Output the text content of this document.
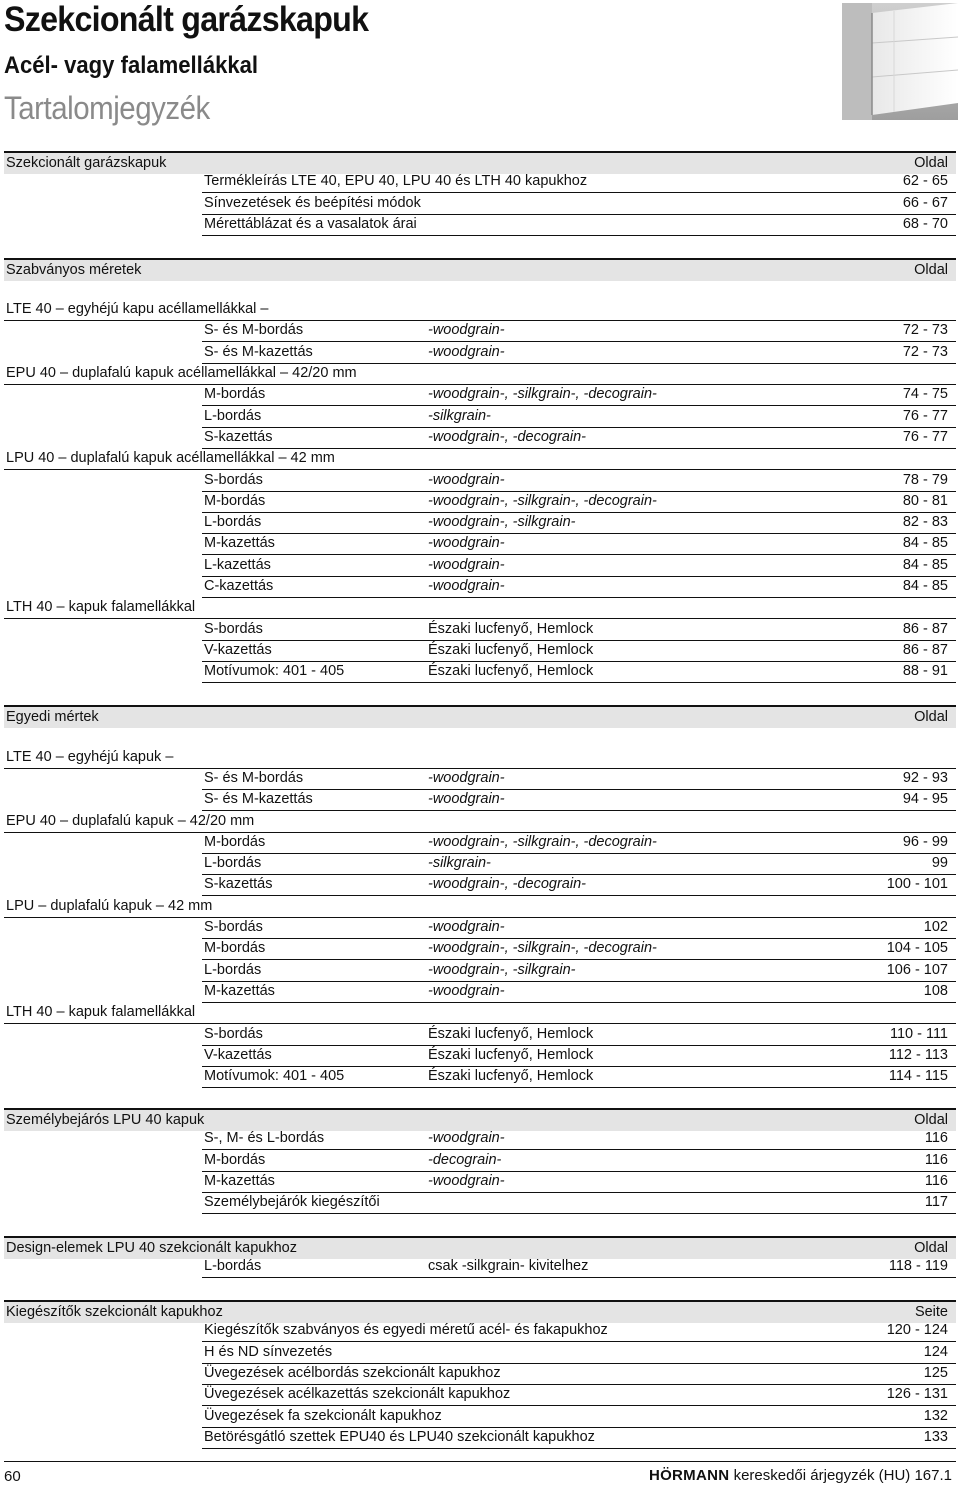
Szekcionált garázskapuk
Acél- vagy falamellákkal
Tartalomjegyzék
Szekcionált garázskapuk	Oldal
Termékleírás LTE 40, EPU 40, LPU 40 és LTH 40 kapukhoz	62 - 65
Sínvezetések és beépítési módok	66 - 67
Mérettáblázat és a vasalatok árai	68 - 70
Szabványos méretek	Oldal
LTE 40 – egyhéjú kapu acéllamellákkal –
S- és M-bordás	-woodgrain-	72 - 73
S- és M-kazettás	-woodgrain-	72 - 73
EPU 40 – duplafalú kapuk acéllamellákkal – 42/20 mm
M-bordás	-woodgrain-, -silkgrain-, -decograin-	74 - 75
L-bordás	-silkgrain-	76 - 77
S-kazettás	-woodgrain-, -decograin-	76 - 77
LPU 40 – duplafalú kapuk acéllamellákkal – 42 mm
S-bordás	-woodgrain-	78 - 79
M-bordás	-woodgrain-, -silkgrain-, -decograin-	80 - 81
L-bordás	-woodgrain-, -silkgrain-	82 - 83
M-kazettás	-woodgrain-	84 - 85
L-kazettás	-woodgrain-	84 - 85
C-kazettás	-woodgrain-	84 - 85
LTH 40 – kapuk falamellákkal
S-bordás	Északi lucfenyő, Hemlock	86 - 87
V-kazettás	Északi lucfenyő, Hemlock	86 - 87
Motívumok: 401 - 405	Északi lucfenyő, Hemlock	88 - 91
Egyedi mértek	Oldal
LTE 40 – egyhéjú kapuk –
S- és M-bordás	-woodgrain-	92 - 93
S- és M-kazettás	-woodgrain-	94 - 95
EPU 40 – duplafalú kapuk – 42/20 mm
M-bordás	-woodgrain-, -silkgrain-, -decograin-	96 - 99
L-bordás	-silkgrain-	99
S-kazettás	-woodgrain-, -decograin-	100 - 101
LPU – duplafalú kapuk – 42 mm
S-bordás	-woodgrain-	102
M-bordás	-woodgrain-, -silkgrain-, -decograin-	104 - 105
L-bordás	-woodgrain-, -silkgrain-	106 - 107
M-kazettás	-woodgrain-	108
LTH 40 – kapuk falamellákkal
S-bordás	Északi lucfenyő, Hemlock	110 - 111
V-kazettás	Északi lucfenyő, Hemlock	112 - 113
Motívumok: 401 - 405	Északi lucfenyő, Hemlock	114 - 115
Személybejárós LPU 40 kapuk	Oldal
S-, M- és L-bordás	-woodgrain-	116
M-bordás	-decograin-	116
M-kazettás	-woodgrain-	116
Személybejárók kiegészítői	117
Design-elemek LPU 40 szekcionált kapukhoz	Oldal
L-bordás	csak -silkgrain- kivitelhez	118 - 119
Kiegészítők szekcionált kapukhoz	Seite
Kiegészítők szabványos és egyedi méretű acél- és fakapukhoz	120 - 124
H és ND sínvezetés	124
Üvegezések acélbordás szekcionált kapukhoz	125
Üvegezések acélkazettás szekcionált kapukhoz	126 - 131
Üvegezések fa szekcionált kapukhoz	132
Betörésgátló szettek EPU40 és LPU40 szekcionált kapukhoz	133
60	HÖRMANN kereskedői árjegyzék (HU) 167.1
